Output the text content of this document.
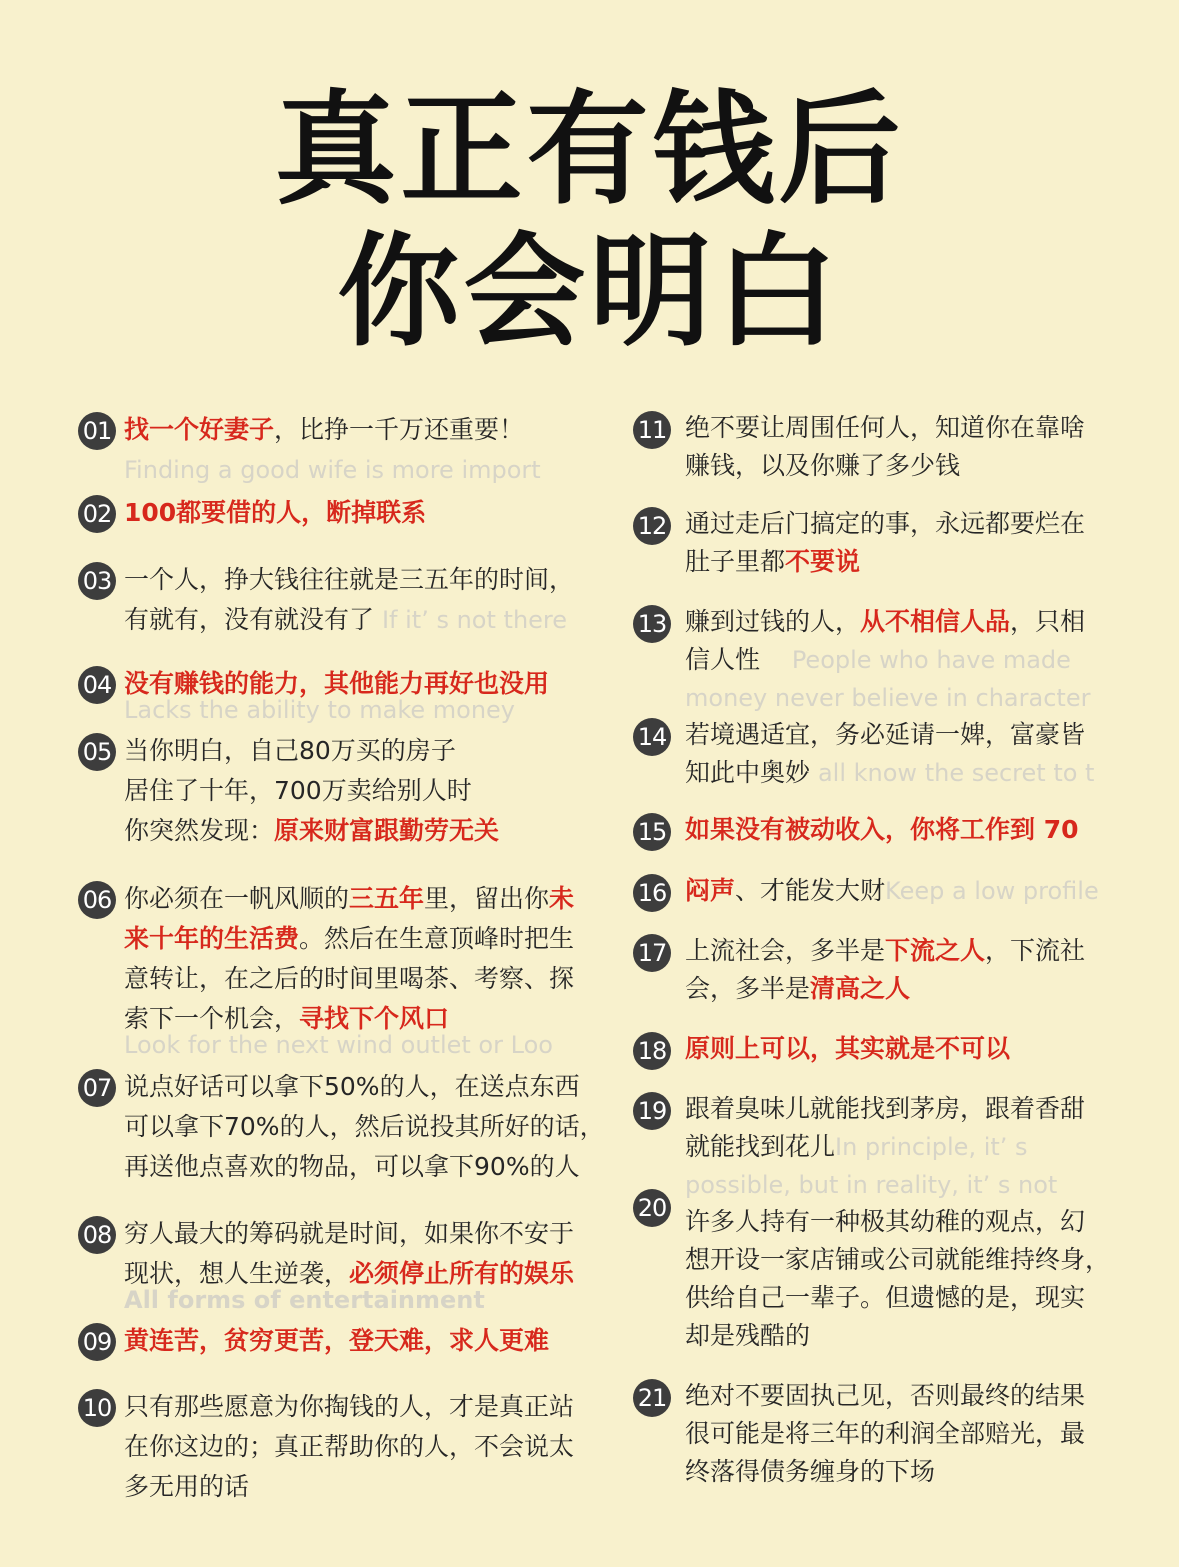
真正有钱后
你会明白
01 找一个好妻子，比挣一千万还重要！
Finding a good wife is more import
02 100都要借的人，断掉联系
03 一个人，挣大钱往往就是三五年的时间，
有就有，没有就没有了 If it’ s not there
04 没有赚钱的能力，其他能力再好也没用
Lacks the ability to make money
05 当你明白，自己80万买的房子
居住了十年，700万卖给别人时
你突然发现：原来财富跟勤劳无关
06 你必须在一帆风顺的三五年里，留出你未
来十年的生活费。然后在生意顶峰时把生
意转让，在之后的时间里喝茶、考察、探
索下一个机会，寻找下个风口
Look for the next wind outlet or Loo
07 说点好话可以拿下50%的人，在送点东西
可以拿下70%的人，然后说投其所好的话，
再送他点喜欢的物品，可以拿下90%的人
08 穷人最大的筹码就是时间，如果你不安于
现状，想人生逆袭，必须停止所有的娱乐
All forms of entertainment
09 黄连苦，贫穷更苦，登天难，求人更难
10 只有那些愿意为你掏钱的人，才是真正站
在你这边的；真正帮助你的人，不会说太
多无用的话
11 绝不要让周围任何人，知道你在靠啥
赚钱，以及你赚了多少钱
12 通过走后门搞定的事，永远都要烂在
肚子里都不要说
13 赚到过钱的人，从不相信人品，只相
信人性 People who have made
money never believe in character
14 若境遇适宜，务必延请一婢，富豪皆
知此中奥妙 all know the secret to t
15 如果没有被动收入，你将工作到 70
16 闷声、才能发大财Keep a low profile
17 上流社会，多半是下流之人，下流社
会，多半是清高之人
18 原则上可以，其实就是不可以
19 跟着臭味儿就能找到茅房，跟着香甜
就能找到花儿In principle, it’ s
possible, but in reality, it’ s not
20 许多人持有一种极其幼稚的观点，幻
想开设一家店铺或公司就能维持终身，
供给自己一辈子。但遗憾的是，现实
却是残酷的
21 绝对不要固执己见，否则最终的结果
很可能是将三年的利润全部赔光，最
终落得债务缠身的下场
